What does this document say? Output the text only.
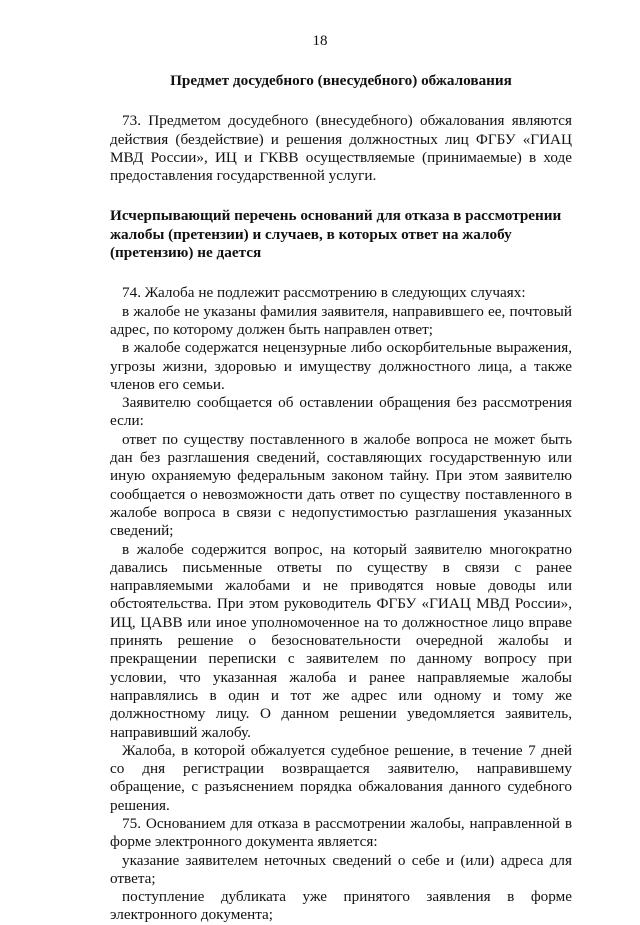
18
Предмет досудебного (внесудебного) обжалования

73. Предметом досудебного (внесудебного) обжалования являются действия (бездействие) и решения должностных лиц ФГБУ «ГИАЦ МВД России», ИЦ и ГКВВ осуществляемые (принимаемые) в ходе предоставления государственной услуги.

Исчерпывающий перечень оснований для отказа в рассмотрении жалобы (претензии) и случаев, в которых ответ на жалобу (претензию) не дается

74. Жалоба не подлежит рассмотрению в следующих случаях:

в жалобе не указаны фамилия заявителя, направившего ее, почтовый адрес, по которому должен быть направлен ответ;

в жалобе содержатся нецензурные либо оскорбительные выражения, угрозы жизни, здоровью и имуществу должностного лица, а также членов его семьи.

Заявителю сообщается об оставлении обращения без рассмотрения если:

ответ по существу поставленного в жалобе вопроса не может быть дан без разглашения сведений, составляющих государственную или иную охраняемую федеральным законом тайну. При этом заявителю сообщается о невозможности дать ответ по существу поставленного в жалобе вопроса в связи с недопустимостью разглашения указанных сведений;

в жалобе содержится вопрос, на который заявителю многократно давались письменные ответы по существу в связи с ранее направляемыми жалобами и не приводятся новые доводы или обстоятельства. При этом руководитель ФГБУ «ГИАЦ МВД России», ИЦ, ЦАВВ или иное уполномоченное на то должностное лицо вправе принять решение о безосновательности очередной жалобы и прекращении переписки с заявителем по данному вопросу при условии, что указанная жалоба и ранее направляемые жалобы направлялись в один и тот же адрес или одному и тому же должностному лицу. О данном решении уведомляется заявитель, направивший жалобу.

Жалоба, в которой обжалуется судебное решение, в течение 7 дней со дня регистрации возвращается заявителю, направившему обращение, с разъяснением порядка обжалования данного судебного решения.

75. Основанием для отказа в рассмотрении жалобы, направленной в форме электронного документа является:

указание заявителем неточных сведений о себе и (или) адреса для ответа;

поступление дубликата уже принятого заявления в форме электронного документа;
